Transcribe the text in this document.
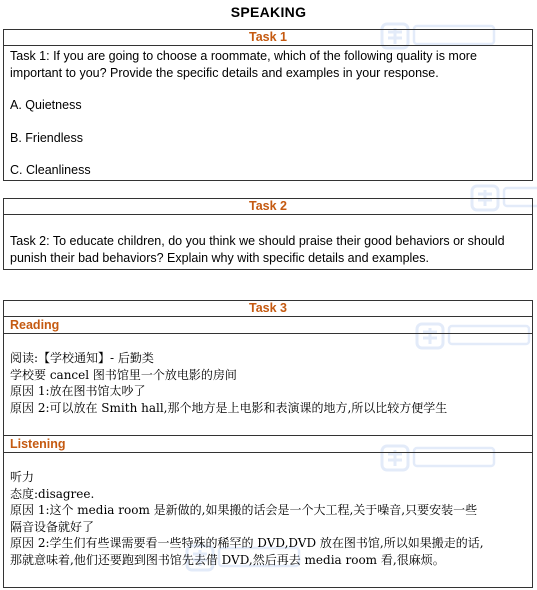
SPEAKING
Task 1

Task 1: If you are going to choose a roommate, which of the following quality is more important to you? Provide the specific details and examples in your response.

A. Quietness

B. Friendless

C. Cleanliness

Task 2

Task 2: To educate children, do you think we should praise their good behaviors or should punish their bad behaviors? Explain why with specific details and examples.

Task 3
Reading

阅读:【学校通知】- 后勤类

学校要 cancel 图书馆里一个放电影的房间

原因 1:放在图书馆太吵了

原因 2:可以放在 Smith hall,那个地方是上电影和表演课的地方,所以比较方便学生

Listening

听力

态度:disagree.

原因 1:这个 media room 是新做的,如果搬的话会是一个大工程,关于噪音,只要安装一些

隔音设备就好了

原因 2:学生们有些课需要看一些特殊的稀罕的 DVD,DVD 放在图书馆,所以如果搬走的话,

那就意味着,他们还要跑到图书馆先去借 DVD,然后再去 media room 看,很麻烦。
